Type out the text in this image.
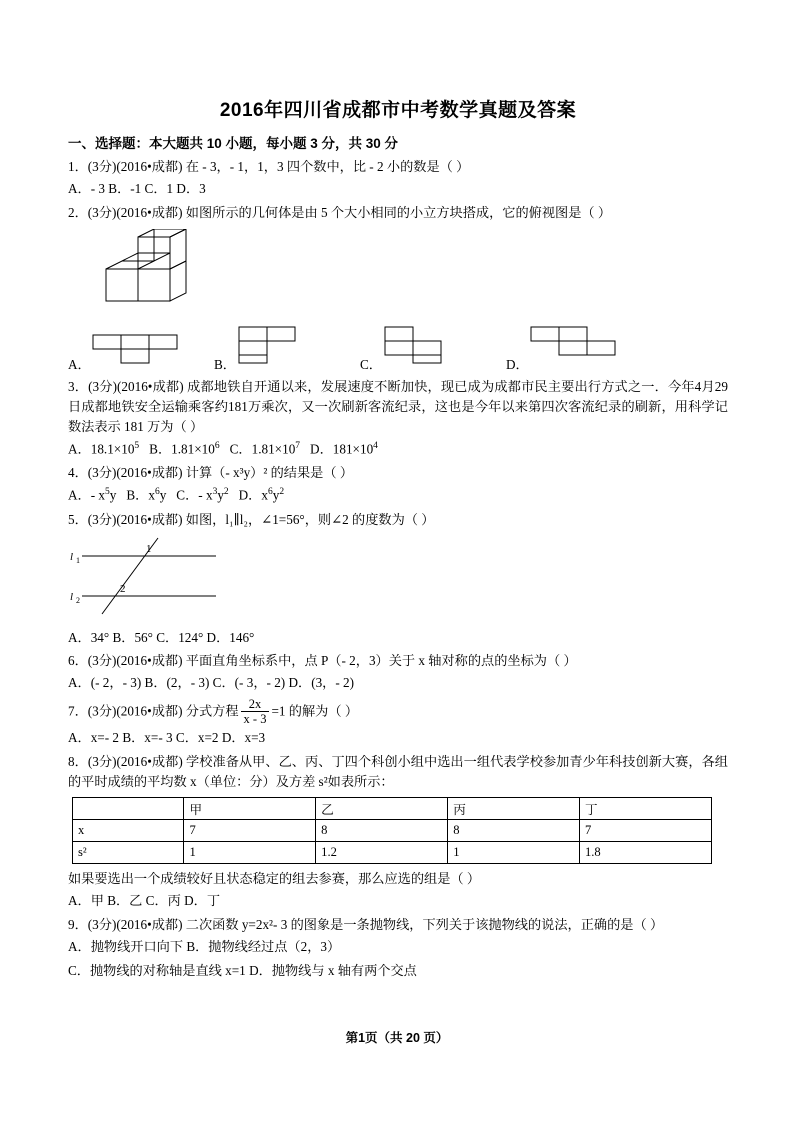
2016年四川省成都市中考数学真题及答案
一、选择题：本大题共 10 小题，每小题 3 分，共 30 分
1．(3分)(2016•成都) 在 - 3，- 1，1，3 四个数中，比 - 2 小的数是（ ）
A．- 3 B．-1 C．1 D．3
2．(3分)(2016•成都) 如图所示的几何体是由 5 个大小相同的小立方块搭成，它的俯视图是（ ）
A．	B．	C．	D．
3．(3分)(2016•成都) 成都地铁自开通以来，发展速度不断加快，现已成为成都市民主要出行方式之一．今年4月29日成都地铁安全运输乘客约181万乘次，又一次刷新客流纪录，这也是今年以来第四次客流纪录的刷新，用科学记数法表示 181 万为（ ）
A．$18.1\times 10^5$ B．$1.81\times 10^6$ C．$1.81\times 10^7$ D．$181\times 10^4$
4．(3分)(2016•成都) 计算（- x³y）² 的结果是（ ）
A．- $x^5y$ B．$x^6y$ C．- $x^3y^2$ D．$x^6y^2$
5．(3分)(2016•成都) 如图，l₁∥l₂，∠1=56°，则∠2 的度数为（ ）
l 1
l 2
1
2
A．34° B．56° C．124° D．146°
6．(3分)(2016•成都) 平面直角坐标系中，点 P（- 2，3）关于 x 轴对称的点的坐标为（ ）
A．(- 2，- 3) B．(2，- 3) C．(- 3，- 2) D．(3，- 2)
7．(3分)(2016•成都) 分式方程 $\frac{2x}{x - 3} =1$ 的解为（ ）
A．x=- 2 B．x=- 3 C．x=2 D．x=3
8．(3分)(2016•成都) 学校准备从甲、乙、丙、丁四个科创小组中选出一组代表学校参加青少年科技创新大赛，各组的平时成绩的平均数 x（单位：分）及方差 s²如表所示：
	甲	乙	丙	丁
x	7	8	8	7
s²	1	1.2	1	1.8
如果要选出一个成绩较好且状态稳定的组去参赛，那么应选的组是（ ）
A．甲 B．乙 C．丙 D．丁
9．(3分)(2016•成都) 二次函数 y=2x²- 3 的图象是一条抛物线，下列关于该抛物线的说法，正确的是（ ）
A．抛物线开口向下 B．抛物线经过点（2，3）
C．抛物线的对称轴是直线 x=1 D．抛物线与 x 轴有两个交点
第1页（共 20 页）
